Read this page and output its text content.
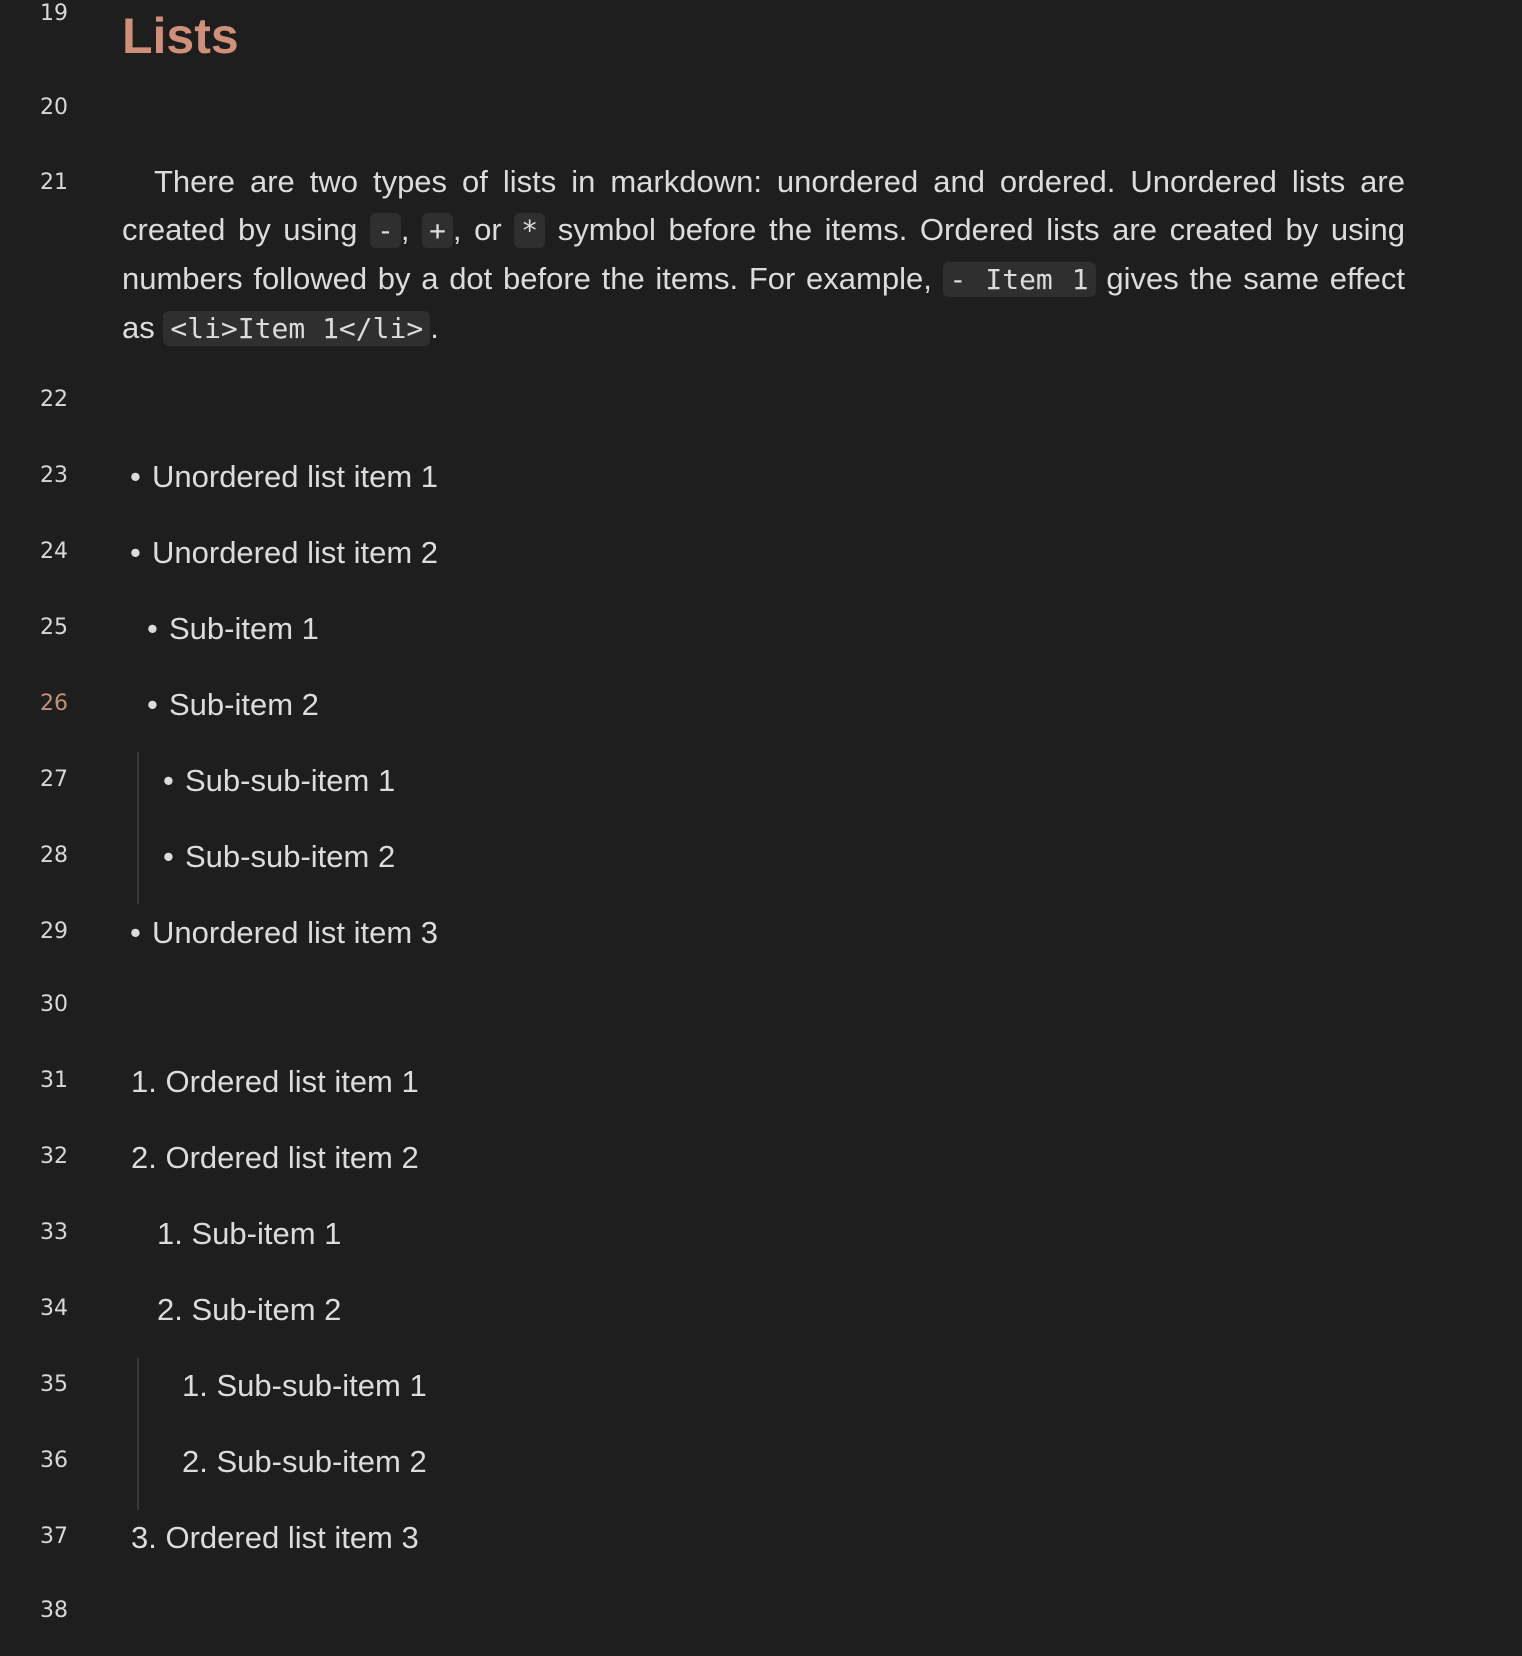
19
20
21
22
23
24
25
26
27
28
29
30
31
32
33
34
35
36
37
38
Lists
There are two types of lists in markdown: unordered and ordered. Unordered lists are created by using - , + , or * symbol before the items. Ordered lists are created by using numbers followed by a dot before the items. For example, - Item 1 gives the same effect as <li>Item 1</li> .
• Unordered list item 1
• Unordered list item 2
• Sub-item 1
• Sub-item 2
• Sub-sub-item 1
• Sub-sub-item 2
• Unordered list item 3
1. Ordered list item 1
2. Ordered list item 2
1. Sub-item 1
2. Sub-item 2
1. Sub-sub-item 1
2. Sub-sub-item 2
3. Ordered list item 3
